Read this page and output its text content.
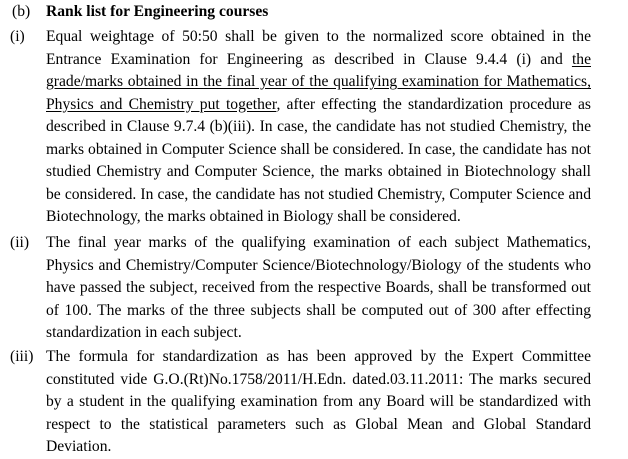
(b) Rank list for Engineering courses
(i) Equal weightage of 50:50 shall be given to the normalized score obtained in the Entrance Examination for Engineering as described in Clause 9.4.4 (i) and the grade/marks obtained in the final year of the qualifying examination for Mathematics, Physics and Chemistry put together, after effecting the standardization procedure as described in Clause 9.7.4 (b)(iii). In case, the candidate has not studied Chemistry, the marks obtained in Computer Science shall be considered. In case, the candidate has not studied Chemistry and Computer Science, the marks obtained in Biotechnology shall be considered. In case, the candidate has not studied Chemistry, Computer Science and Biotechnology, the marks obtained in Biology shall be considered.

(ii) The final year marks of the qualifying examination of each subject Mathematics, Physics and Chemistry/Computer Science/Biotechnology/Biology of the students who have passed the subject, received from the respective Boards, shall be transformed out of 100. The marks of the three subjects shall be computed out of 300 after effecting standardization in each subject.

(iii) The formula for standardization as has been approved by the Expert Committee constituted vide G.O.(Rt)No.1758/2011/H.Edn. dated.03.11.2011: The marks secured by a student in the qualifying examination from any Board will be standardized with respect to the statistical parameters such as Global Mean and Global Standard Deviation.
